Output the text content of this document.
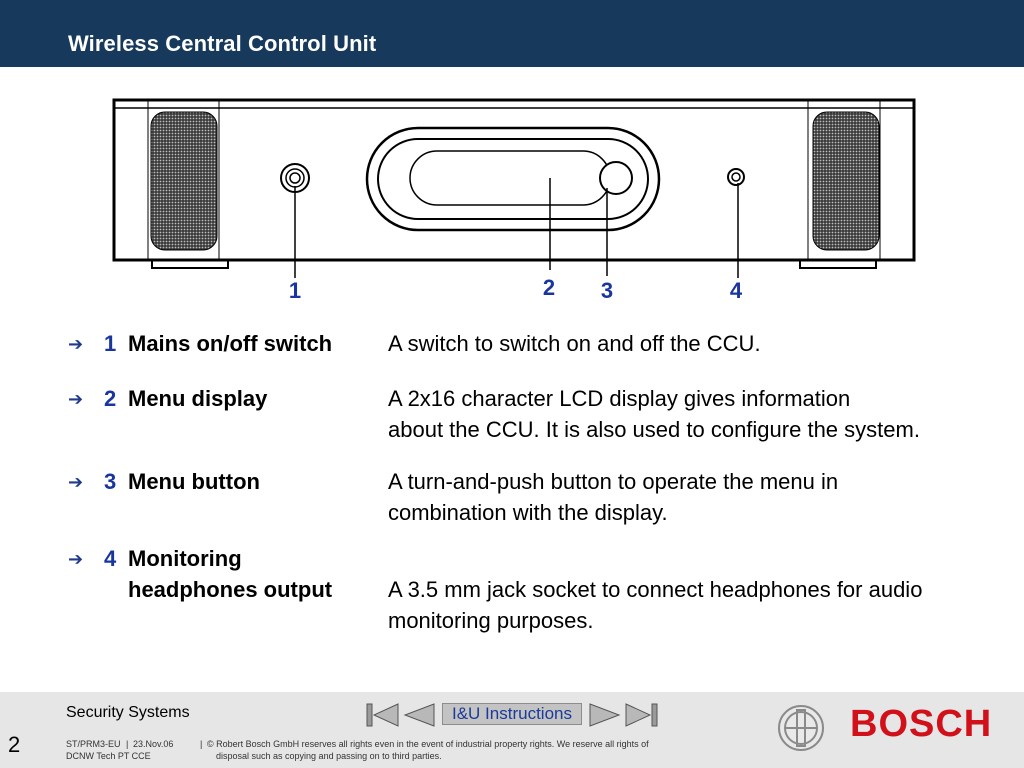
Wireless Central Control Unit
1	2 3	4
➔ 1 Mains on/off switch	A switch to switch on and off the CCU.
➔ 2 Menu display	A 2x16 character LCD display gives information
about the CCU. It is also used to configure the system.
➔ 3 Menu button	A turn-and-push button to operate the menu in
combination with the display.
➔ 4 Monitoring
headphones output	A 3.5 mm jack socket to connect headphones for audio
monitoring purposes.
Security Systems
2	ST/PRM3-EU | 23.Nov.06
DCNW Tech PT CCE
| © Robert Bosch GmbH reserves all rights even in the event of industrial property rights. We reserve all rights of
disposal such as copying and passing on to third parties.
I&U Instructions	BOSCH
